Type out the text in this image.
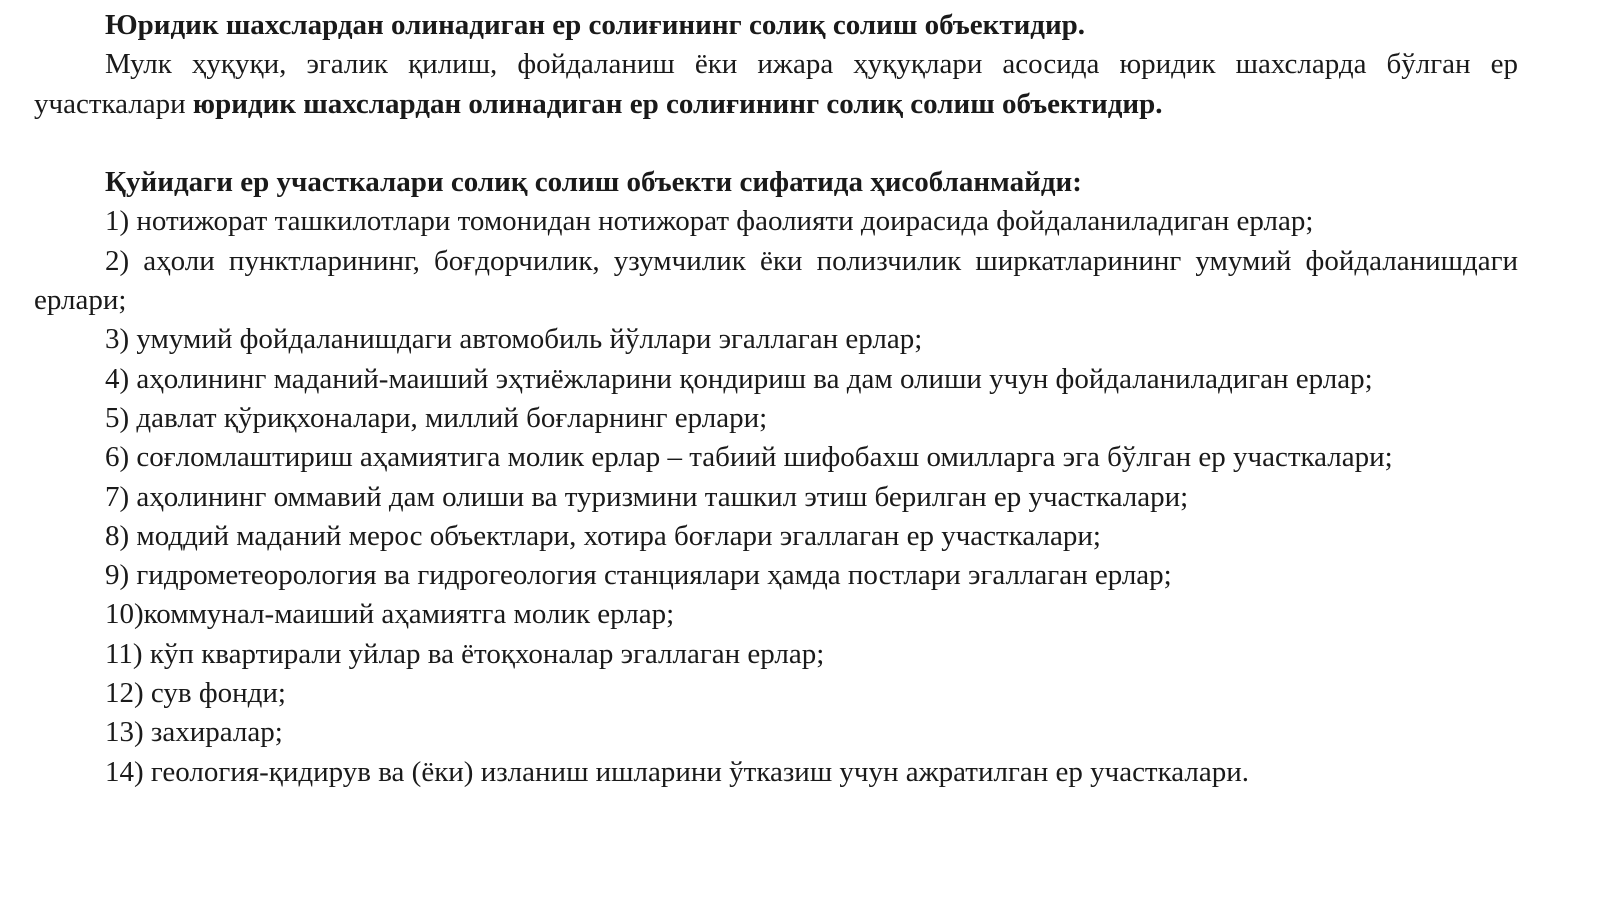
Юридик шахслардан олинадиган ер солиғининг солиқ солиш объектидир.

Мулк ҳуқуқи, эгалик қилиш, фойдаланиш ёки ижара ҳуқуқлари асосида юридик шахсларда бўлган ер участкалари юридик шахслардан олинадиган ер солиғининг солиқ солиш объектидир.

Қуйидаги ер участкалари солиқ солиш объекти сифатида ҳисобланмайди:

1) нотижорат ташкилотлари томонидан нотижорат фаолияти доирасида фойдаланиладиган ерлар;

2) аҳоли пунктларининг, боғдорчилик, узумчилик ёки полизчилик ширкатларининг умумий фойдаланишдаги ерлари;

3) умумий фойдаланишдаги автомобиль йўллари эгаллаган ерлар;

4) аҳолининг маданий-маиший эҳтиёжларини қондириш ва дам олиши учун фойдаланиладиган ерлар;

5) давлат қўриқхоналари, миллий боғларнинг ерлари;

6) соғломлаштириш аҳамиятига молик ерлар – табиий шифобахш омилларга эга бўлган ер участкалари;

7) аҳолининг оммавий дам олиши ва туризмини ташкил этиш берилган ер участкалари;

8) моддий маданий мерос объектлари, хотира боғлари эгаллаган ер участкалари;

9) гидрометеорология ва гидрогеология станциялари ҳамда постлари эгаллаган ерлар;

10)коммунал-маиший аҳамиятга молик ерлар;

11) кўп квартирали уйлар ва ётоқхоналар эгаллаган ерлар;

12) сув фонди;

13) захиралар;

14) геология-қидирув ва (ёки) изланиш ишларини ўтказиш учун ажратилган ер участкалари.
